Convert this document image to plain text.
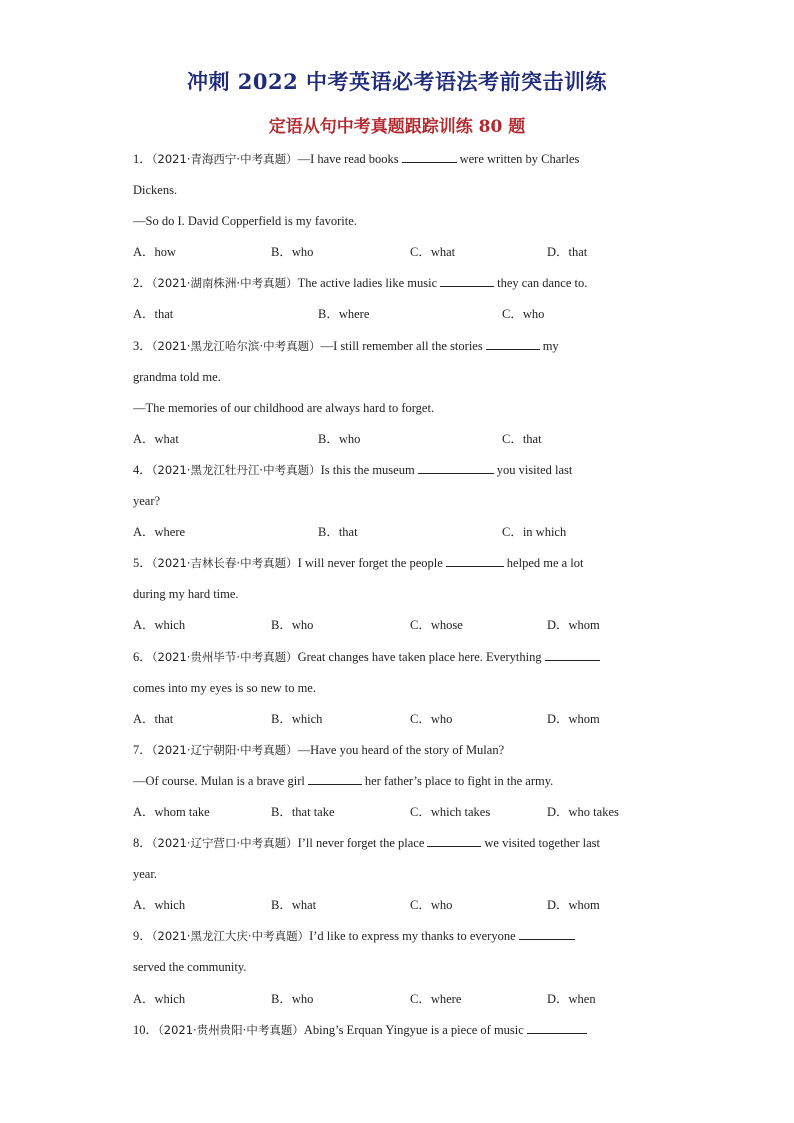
冲刺 2022 中考英语必考语法考前突击训练
定语从句中考真题跟踪训练 80 题
1．（2021·青海西宁·中考真题）—I have read books	were written by Charles
Dickens.
—So do I. David Copperfield is my favorite.
A．how	B．who	C．what	D．that
2．（2021·湖南株洲·中考真题）The active ladies like music	they can dance to.
A．that	B．where	C．who
3．（2021·黑龙江哈尔滨·中考真题）—I still remember all the stories	my
grandma told me.
—The memories of our childhood are always hard to forget.
A．what	B．who	C．that
4．（2021·黑龙江牡丹江·中考真题）Is this the museum	you visited last
year?
A．where	B．that	C．in which
5．（2021·吉林长春·中考真题）I will never forget the people	helped me a lot
during my hard time.
A．which	B．who	C．whose	D．whom
6．（2021·贵州毕节·中考真题）Great changes have taken place here. Everything
comes into my eyes is so new to me.
A．that	B．which	C．who	D．whom
7．（2021·辽宁朝阳·中考真题）—Have you heard of the story of Mulan?
—Of course. Mulan is a brave girl	her father’s place to fight in the army.
A．whom take	B．that take	C．which takes	D．who takes
8．（2021·辽宁营口·中考真题）I’ll never forget the place	we visited together last
year.
A．which	B．what	C．who	D．whom
9．（2021·黑龙江大庆·中考真题）I’d like to express my thanks to everyone
served the community.
A．which	B．who	C．where	D．when
10．（2021·贵州贵阳·中考真题）Abing’s Erquan Yingyue is a piece of music
